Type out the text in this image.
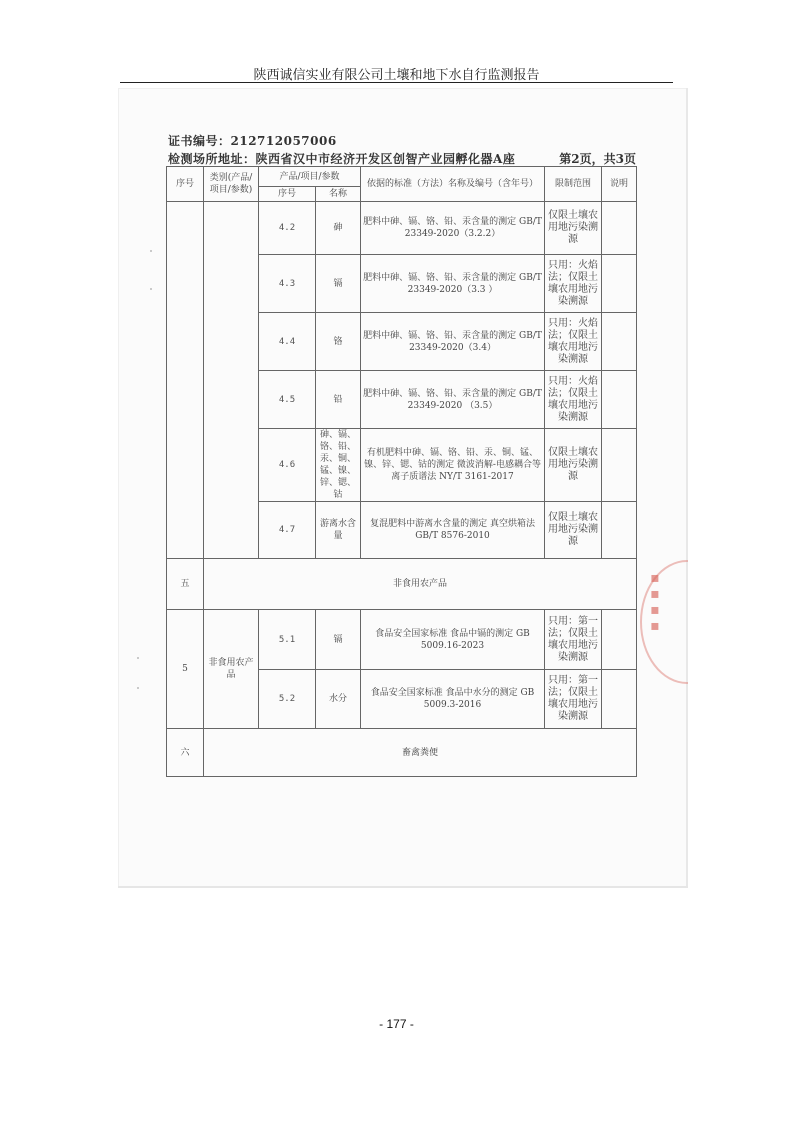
陕西诚信实业有限公司土壤和地下水自行监测报告
证书编号：212712057006
检测场所地址：陕西省汉中市经济开发区创智产业园孵化器A座	第2页，共3页
序号	类别(产品/项目/参数)	产品/项目/参数		依据的标准（方法）名称及编号（含年号）	限制范围	说明
		序号	名称			
		4.2	砷	肥料中砷、镉、铬、铅、汞含量的测定 GB/T 23349-2020（3.2.2）	仅限土壤农用地污染溯源	
		4.3	镉	肥料中砷、镉、铬、铅、汞含量的测定 GB/T 23349-2020（3.3 ）	只用：火焰法；仅限土壤农用地污染溯源	
		4.4	铬	肥料中砷、镉、铬、铅、汞含量的测定 GB/T 23349-2020（3.4）	只用：火焰法；仅限土壤农用地污染溯源	
		4.5	铅	肥料中砷、镉、铬、铅、汞含量的测定 GB/T 23349-2020 （3.5）	只用：火焰法；仅限土壤农用地污染溯源	
		4.6	砷、镉、铬、铅、汞、铜、锰、镍、锌、锶、钴	有机肥料中砷、镉、铬、铅、汞、铜、锰、镍、锌、锶、钴的测定 微波消解-电感耦合等离子质谱法 NY/T 3161-2017	仅限土壤农用地污染溯源	
		4.7	游离水含量	复混肥料中游离水含量的测定 真空烘箱法 GB/T 8576-2010	仅限土壤农用地污染溯源	
五	非食用农产品					
5	非食用农产品	5.1	镉	食品安全国家标准 食品中镉的测定 GB 5009.16-2023	只用：第一法；仅限土壤农用地污染溯源	
		5.2	水分	食品安全国家标准 食品中水分的测定 GB 5009.3-2016	只用：第一法；仅限土壤农用地污染溯源	
六	畜禽粪便					
▪▪▪▪
- 177 -
